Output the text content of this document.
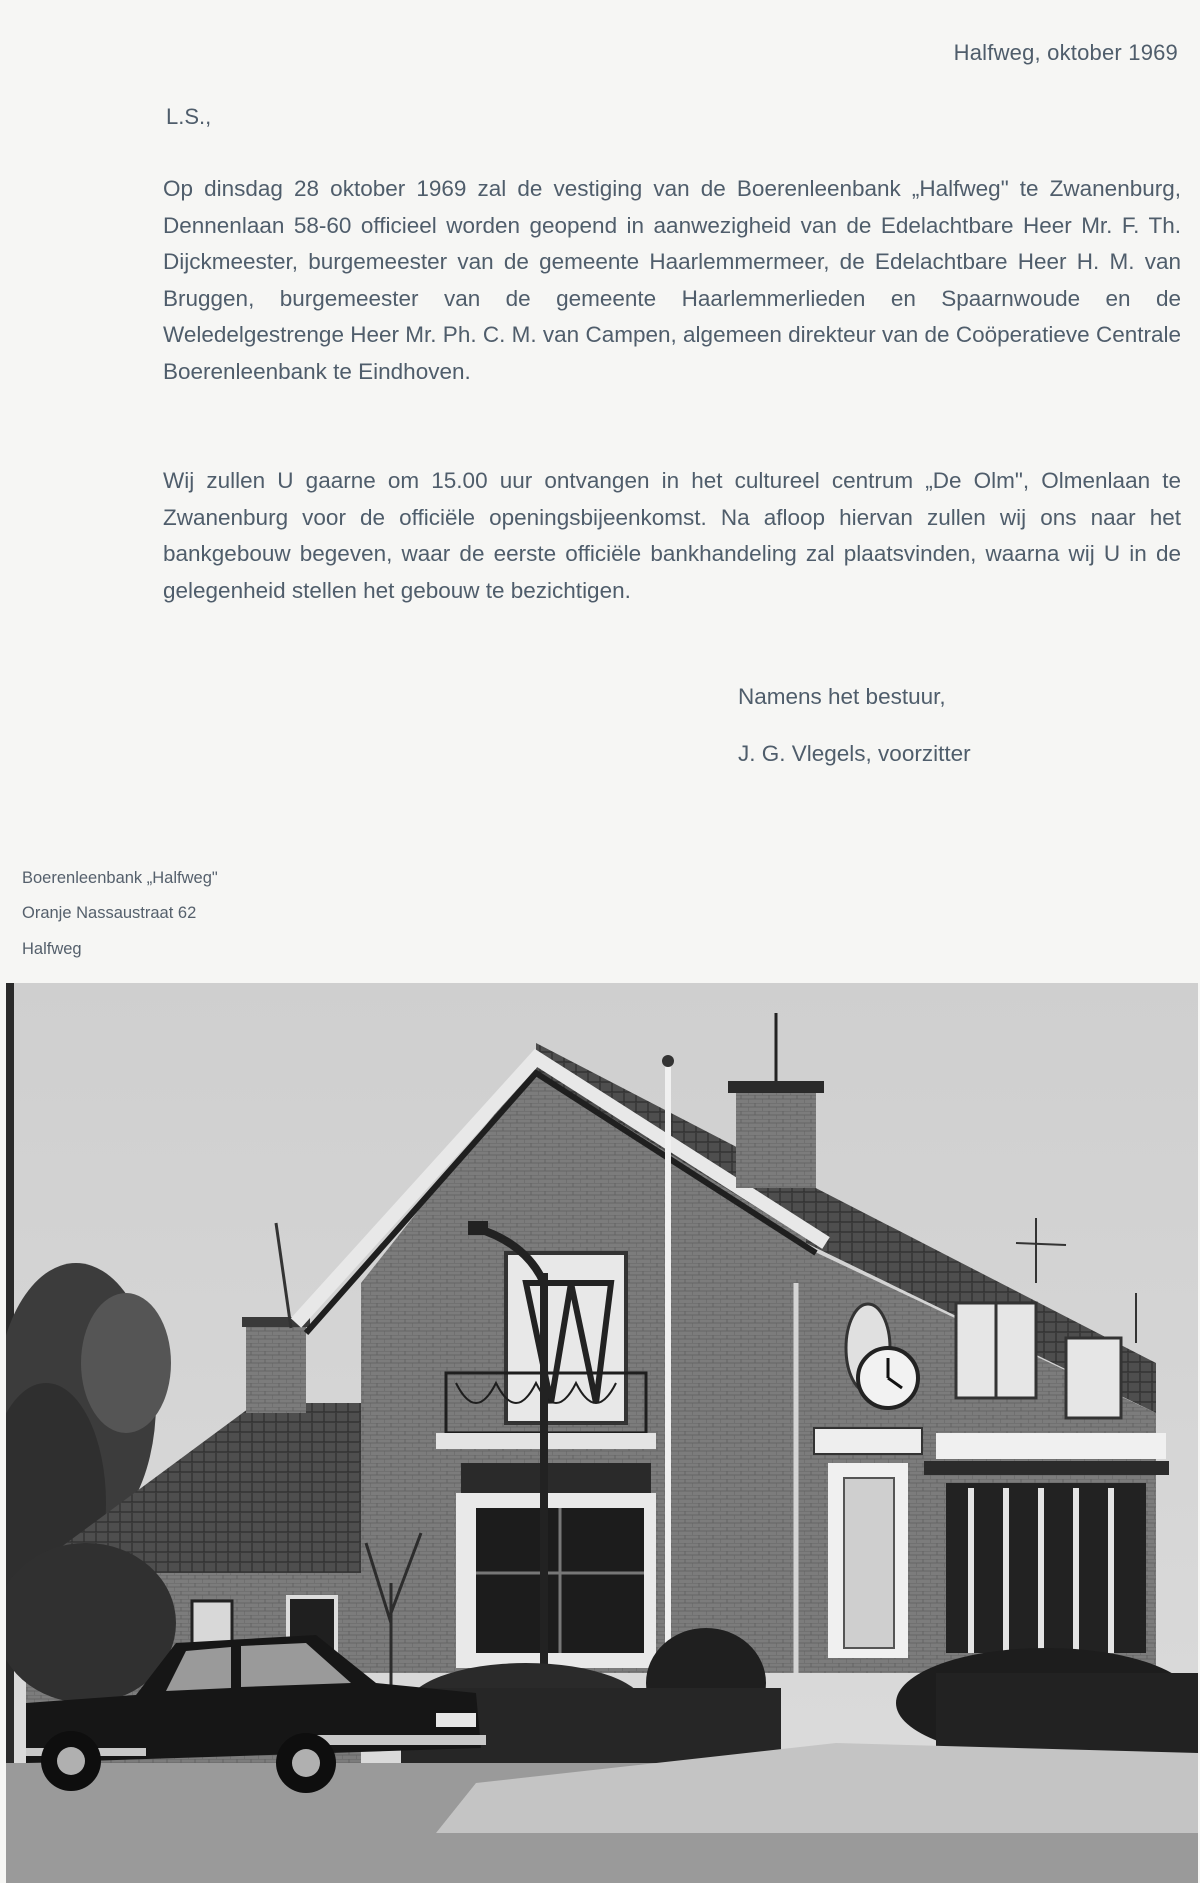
Halfweg, oktober 1969
L.S.,
Op dinsdag 28 oktober 1969 zal de vestiging van de Boerenleenbank „Halfweg" te Zwanenburg, Dennenlaan 58-60 officieel worden geopend in aanwezigheid van de Edelachtbare Heer Mr. F. Th. Dijckmeester, burgemeester van de gemeente Haarlemmermeer, de Edelachtbare Heer H. M. van Bruggen, burgemeester van de gemeente Haarlemmerlieden en Spaarnwoude en de Weledelgestrenge Heer Mr. Ph. C. M. van Campen, algemeen direkteur van de Coöperatieve Centrale Boerenleenbank te Eindhoven.
Wij zullen U gaarne om 15.00 uur ontvangen in het cultureel centrum „De Olm", Olmenlaan te Zwanenburg voor de officiële openingsbijeenkomst. Na afloop hiervan zullen wij ons naar het bankgebouw begeven, waar de eerste officiële bankhandeling zal plaatsvinden, waarna wij U in de gelegenheid stellen het gebouw te bezichtigen.
Namens het bestuur,
J. G. Vlegels, voorzitter
Boerenleenbank „Halfweg"
Oranje Nassaustraat 62
Halfweg
